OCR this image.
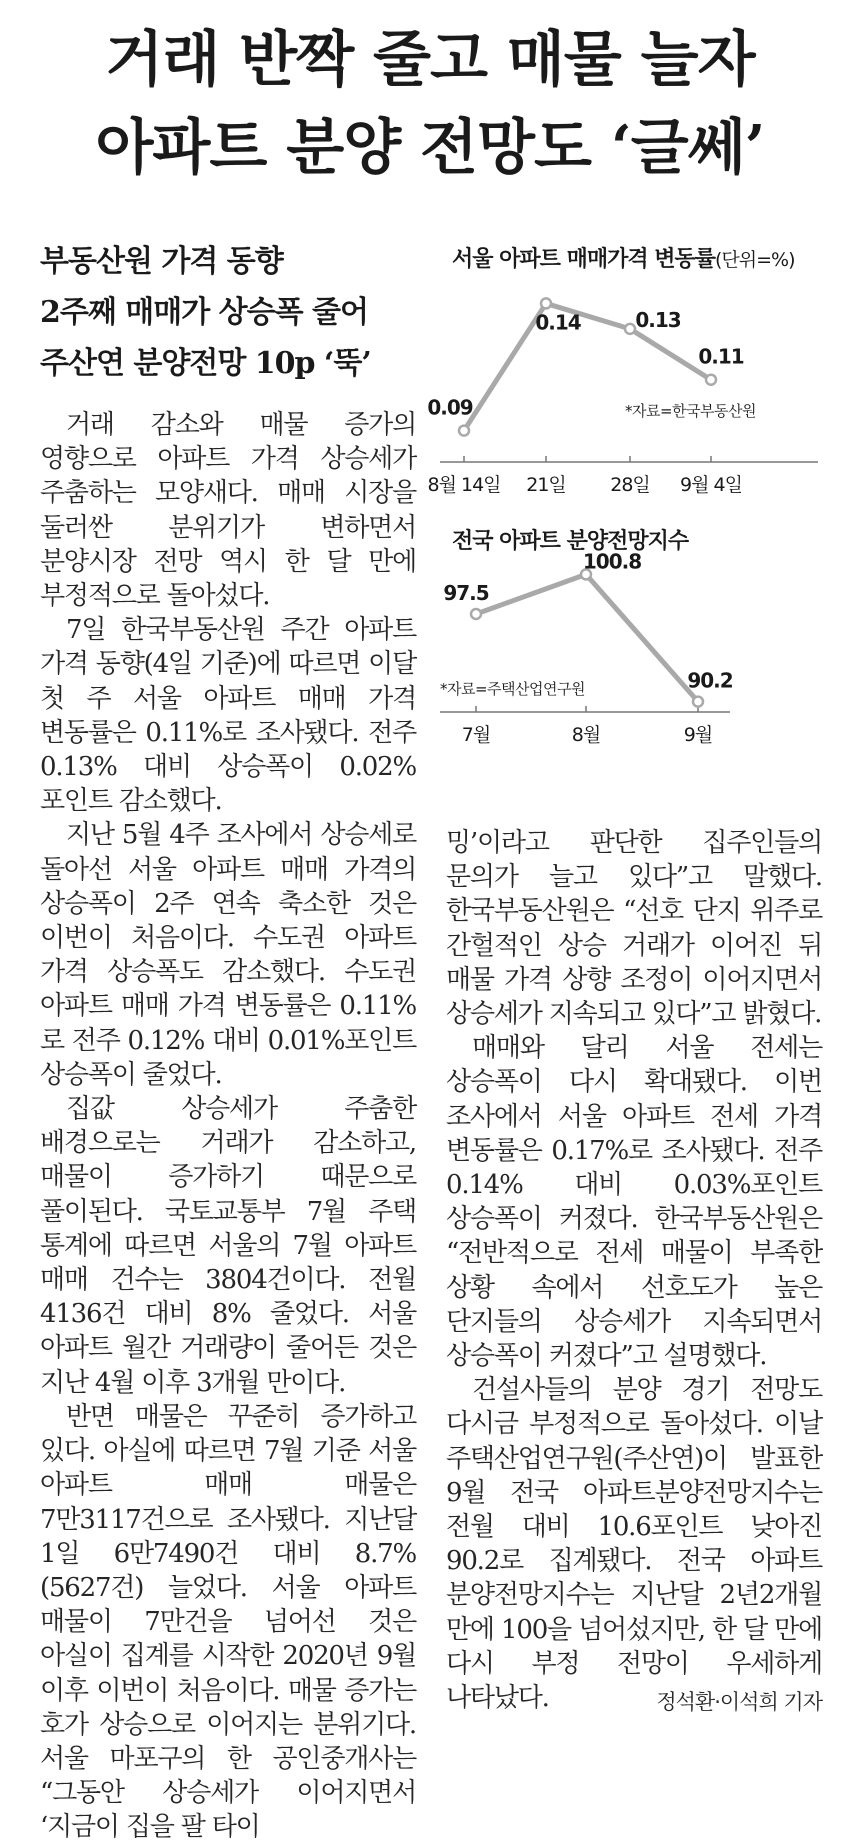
거래 반짝 줄고 매물 늘자
아파트 분양 전망도 ‘글쎄’
부동산원 가격 동향
2주째 매매가 상승폭 줄어
주산연 분양전망 10p ‘뚝’
서울 아파트 매매가격 변동률(단위=%)
0.09
0.14	0.13
0.11
8월 14일 21일 28일 9월 4일
*자료=한국부동산원
전국 아파트 분양전망지수
97.5
100.8
90.2
7월	8월	9월
*자료=주택산업연구원

거래 감소와 매물 증가의 영향으로 아파트 가격 상승세가 주춤하는 모양새다. 매매 시장을 둘러싼 분위기가 변하면서 분양시장 전망 역시 한 달 만에 부정적으로 돌아섰다.

7일 한국부동산원 주간 아파트 가격 동향(4일 기준)에 따르면 이달 첫 주 서울 아파트 매매 가격 변동률은 0.11%로 조사됐다. 전주 0.13% 대비 상승폭이 0.02%포인트 감소했다.

지난 5월 4주 조사에서 상승세로 돌아선 서울 아파트 매매 가격의 상승폭이 2주 연속 축소한 것은 이번이 처음이다. 수도권 아파트 가격 상승폭도 감소했다. 수도권 아파트 매매 가격 변동률은 0.11%로 전주 0.12% 대비 0.01%포인트 상승폭이 줄었다.

집값 상승세가 주춤한 배경으로는 거래가 감소하고, 매물이 증가하기 때문으로 풀이된다. 국토교통부 7월 주택 통계에 따르면 서울의 7월 아파트 매매 건수는 3804건이다. 전월 4136건 대비 8% 줄었다. 서울 아파트 월간 거래량이 줄어든 것은 지난 4월 이후 3개월 만이다.

반면 매물은 꾸준히 증가하고 있다. 아실에 따르면 7월 기준 서울 아파트 매매 매물은 7만3117건으로 조사됐다. 지난달 1일 6만7490건 대비 8.7%(5627건) 늘었다. 서울 아파트 매물이 7만건을 넘어선 것은 아실이 집계를 시작한 2020년 9월 이후 이번이 처음이다. 매물 증가는 호가 상승으로 이어지는 분위기다. 서울 마포구의 한 공인중개사는 “그동안 상승세가 이어지면서 ‘지금이 집을 팔 타이

밍’이라고 판단한 집주인들의 문의가 늘고 있다”고 말했다. 한국부동산원은 “선호 단지 위주로 간헐적인 상승 거래가 이어진 뒤 매물 가격 상향 조정이 이어지면서 상승세가 지속되고 있다”고 밝혔다.

매매와 달리 서울 전세는 상승폭이 다시 확대됐다. 이번 조사에서 서울 아파트 전세 가격 변동률은 0.17%로 조사됐다. 전주 0.14% 대비 0.03%포인트 상승폭이 커졌다. 한국부동산원은 “전반적으로 전세 매물이 부족한 상황 속에서 선호도가 높은 단지들의 상승세가 지속되면서 상승폭이 커졌다”고 설명했다.

건설사들의 분양 경기 전망도 다시금 부정적으로 돌아섰다. 이날 주택산업연구원(주산연)이 발표한 9월 전국 아파트분양전망지수는 전월 대비 10.6포인트 낮아진 90.2로 집계됐다. 전국 아파트 분양전망지수는 지난달 2년2개월 만에 100을 넘어섰지만, 한 달 만에 다시 부정 전망이 우세하게 나타났다.	정석환·이석희 기자
